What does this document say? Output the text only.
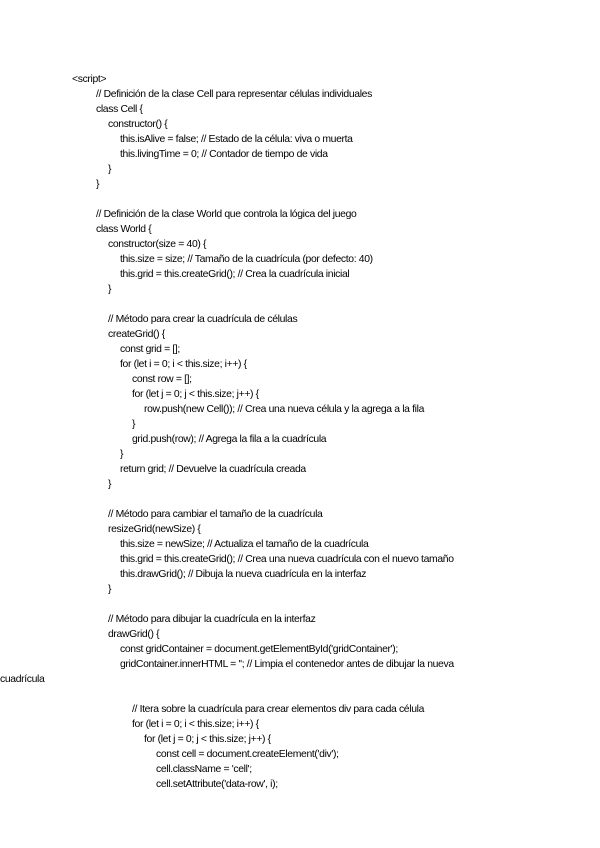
<script>
// Definición de la clase Cell para representar células individuales
class Cell {
constructor() {
this.isAlive = false; // Estado de la célula: viva o muerta
this.livingTime = 0; // Contador de tiempo de vida
}
}
// Definición de la clase World que controla la lógica del juego
class World {
constructor(size = 40) {
this.size = size; // Tamaño de la cuadrícula (por defecto: 40)
this.grid = this.createGrid(); // Crea la cuadrícula inicial
}
// Método para crear la cuadrícula de células
createGrid() {
const grid = [];
for (let i = 0; i < this.size; i++) {
const row = [];
for (let j = 0; j < this.size; j++) {
row.push(new Cell()); // Crea una nueva célula y la agrega a la fila
}
grid.push(row); // Agrega la fila a la cuadrícula
}
return grid; // Devuelve la cuadrícula creada
}
// Método para cambiar el tamaño de la cuadrícula
resizeGrid(newSize) {
this.size = newSize; // Actualiza el tamaño de la cuadrícula
this.grid = this.createGrid(); // Crea una nueva cuadrícula con el nuevo tamaño
this.drawGrid(); // Dibuja la nueva cuadrícula en la interfaz
}
// Método para dibujar la cuadrícula en la interfaz
drawGrid() {
const gridContainer = document.getElementById('gridContainer');
gridContainer.innerHTML = ''; // Limpia el contenedor antes de dibujar la nueva
cuadrícula
// Itera sobre la cuadrícula para crear elementos div para cada célula
for (let i = 0; i < this.size; i++) {
for (let j = 0; j < this.size; j++) {
const cell = document.createElement('div');
cell.className = 'cell';
cell.setAttribute('data-row', i);
